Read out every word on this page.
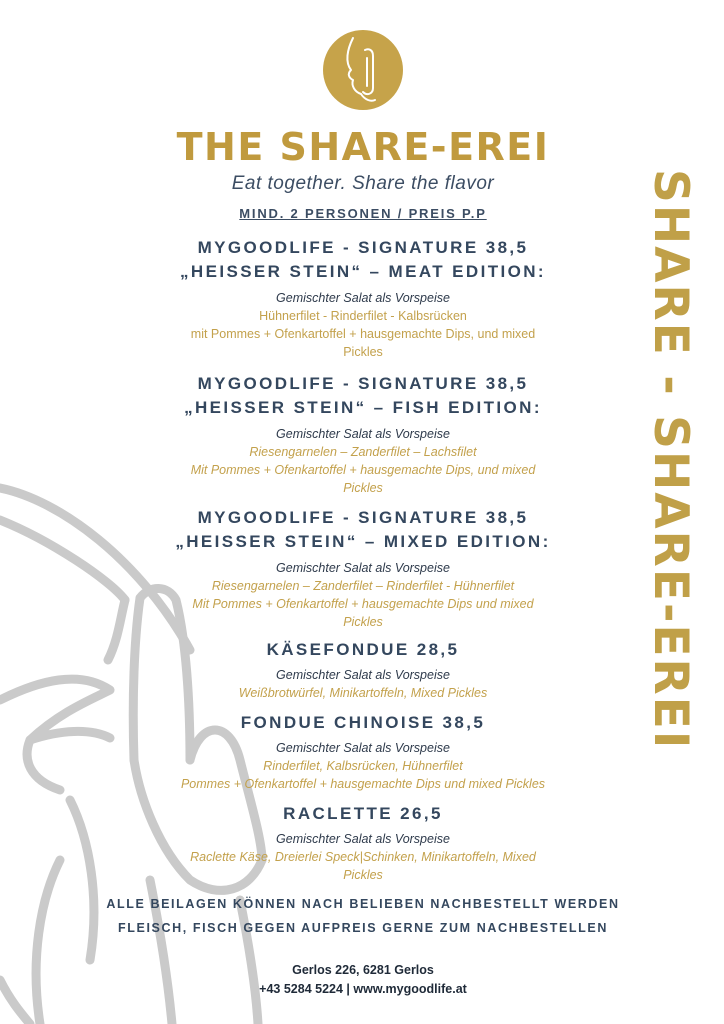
SHARE - SHARE-EREI
THE SHARE-EREI

Eat together. Share the flavor

MIND. 2 PERSONEN / PREIS P.P

MYGOODLIFE - SIGNATURE 38,5
„HEISSER STEIN“ – MEAT EDITION:
Gemischter Salat als Vorspeise
Hühnerfilet - Rinderfilet - Kalbsrücken
mit Pommes + Ofenkartoffel + hausgemachte Dips, und mixed
Pickles
MYGOODLIFE - SIGNATURE 38,5
„HEISSER STEIN“ – FISH EDITION:
Gemischter Salat als Vorspeise
Riesengarnelen – Zanderfilet – Lachsfilet
Mit Pommes + Ofenkartoffel + hausgemachte Dips, und mixed
Pickles
MYGOODLIFE - SIGNATURE 38,5
„HEISSER STEIN“ – MIXED EDITION:
Gemischter Salat als Vorspeise
Riesengarnelen – Zanderfilet – Rinderfilet - Hühnerfilet
Mit Pommes + Ofenkartoffel + hausgemachte Dips und mixed
Pickles
KÄSEFONDUE 28,5
Gemischter Salat als Vorspeise
Weißbrotwürfel, Minikartoffeln, Mixed Pickles
FONDUE CHINOISE 38,5
Gemischter Salat als Vorspeise
Rinderfilet, Kalbsrücken, Hühnerfilet
Pommes + Ofenkartoffel + hausgemachte Dips und mixed Pickles
RACLETTE 26,5
Gemischter Salat als Vorspeise
Raclette Käse, Dreierlei Speck|Schinken, Minikartoffeln, Mixed
Pickles
ALLE BEILAGEN KÖNNEN NACH BELIEBEN NACHBESTELLT WERDEN
FLEISCH, FISCH GEGEN AUFPREIS GERNE ZUM NACHBESTELLEN
Gerlos 226, 6281 Gerlos
+43 5284 5224 | www.mygoodlife.at
